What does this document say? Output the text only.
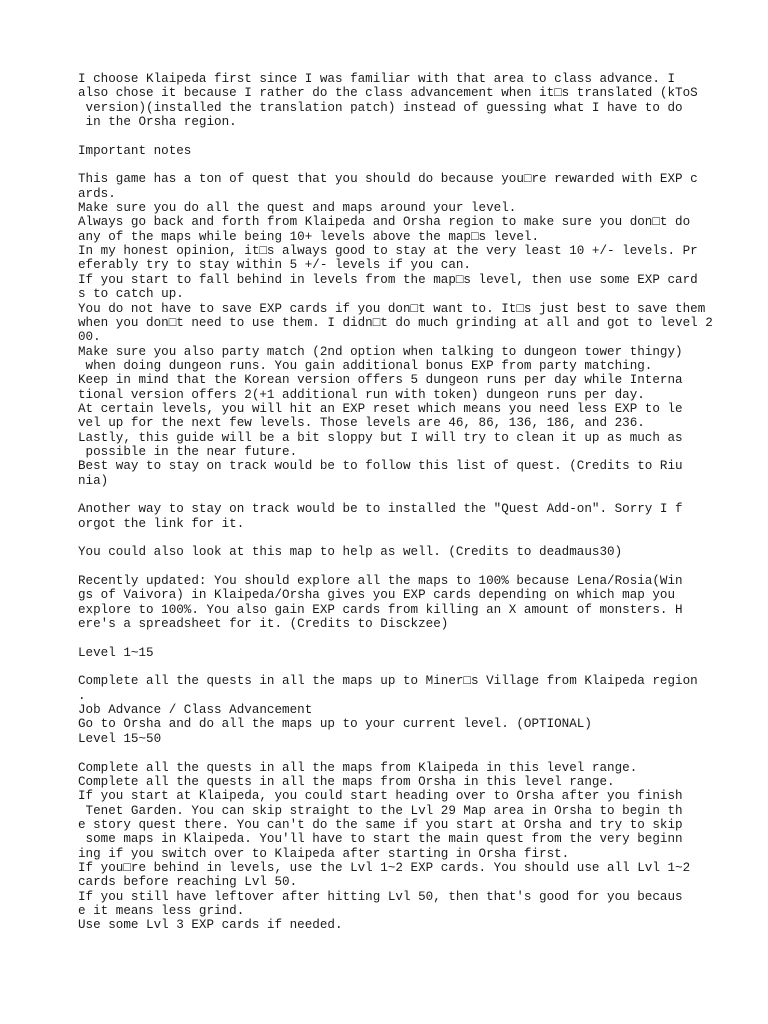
I choose Klaipeda first since I was familiar with that area to class advance. I
also chose it because I rather do the class advancement when it□s translated (kToS
version)(installed the translation patch) instead of guessing what I have to do
in the Orsha region.
Important notes
This game has a ton of quest that you should do because you□re rewarded with EXP c
ards.
Make sure you do all the quest and maps around your level.
Always go back and forth from Klaipeda and Orsha region to make sure you don□t do
any of the maps while being 10+ levels above the map□s level.
In my honest opinion, it□s always good to stay at the very least 10 +/- levels. Pr
eferably try to stay within 5 +/- levels if you can.
If you start to fall behind in levels from the map□s level, then use some EXP card
s to catch up.
You do not have to save EXP cards if you don□t want to. It□s just best to save them
when you don□t need to use them. I didn□t do much grinding at all and got to level 2
00.
Make sure you also party match (2nd option when talking to dungeon tower thingy)
when doing dungeon runs. You gain additional bonus EXP from party matching.
Keep in mind that the Korean version offers 5 dungeon runs per day while Interna
tional version offers 2(+1 additional run with token) dungeon runs per day.
At certain levels, you will hit an EXP reset which means you need less EXP to le
vel up for the next few levels. Those levels are 46, 86, 136, 186, and 236.
Lastly, this guide will be a bit sloppy but I will try to clean it up as much as
possible in the near future.
Best way to stay on track would be to follow this list of quest. (Credits to Riu
nia)
Another way to stay on track would be to installed the "Quest Add-on". Sorry I f
orgot the link for it.
You could also look at this map to help as well. (Credits to deadmaus30)
Recently updated: You should explore all the maps to 100% because Lena/Rosia(Win
gs of Vaivora) in Klaipeda/Orsha gives you EXP cards depending on which map you
explore to 100%. You also gain EXP cards from killing an X amount of monsters. H
ere's a spreadsheet for it. (Credits to Disckzee)
Level 1~15
Complete all the quests in all the maps up to Miner□s Village from Klaipeda region
.
Job Advance / Class Advancement
Go to Orsha and do all the maps up to your current level. (OPTIONAL)
Level 15~50
Complete all the quests in all the maps from Klaipeda in this level range.
Complete all the quests in all the maps from Orsha in this level range.
If you start at Klaipeda, you could start heading over to Orsha after you finish
Tenet Garden. You can skip straight to the Lvl 29 Map area in Orsha to begin th
e story quest there. You can't do the same if you start at Orsha and try to skip
some maps in Klaipeda. You'll have to start the main quest from the very beginn
ing if you switch over to Klaipeda after starting in Orsha first.
If you□re behind in levels, use the Lvl 1~2 EXP cards. You should use all Lvl 1~2
cards before reaching Lvl 50.
If you still have leftover after hitting Lvl 50, then that's good for you becaus
e it means less grind.
Use some Lvl 3 EXP cards if needed.
